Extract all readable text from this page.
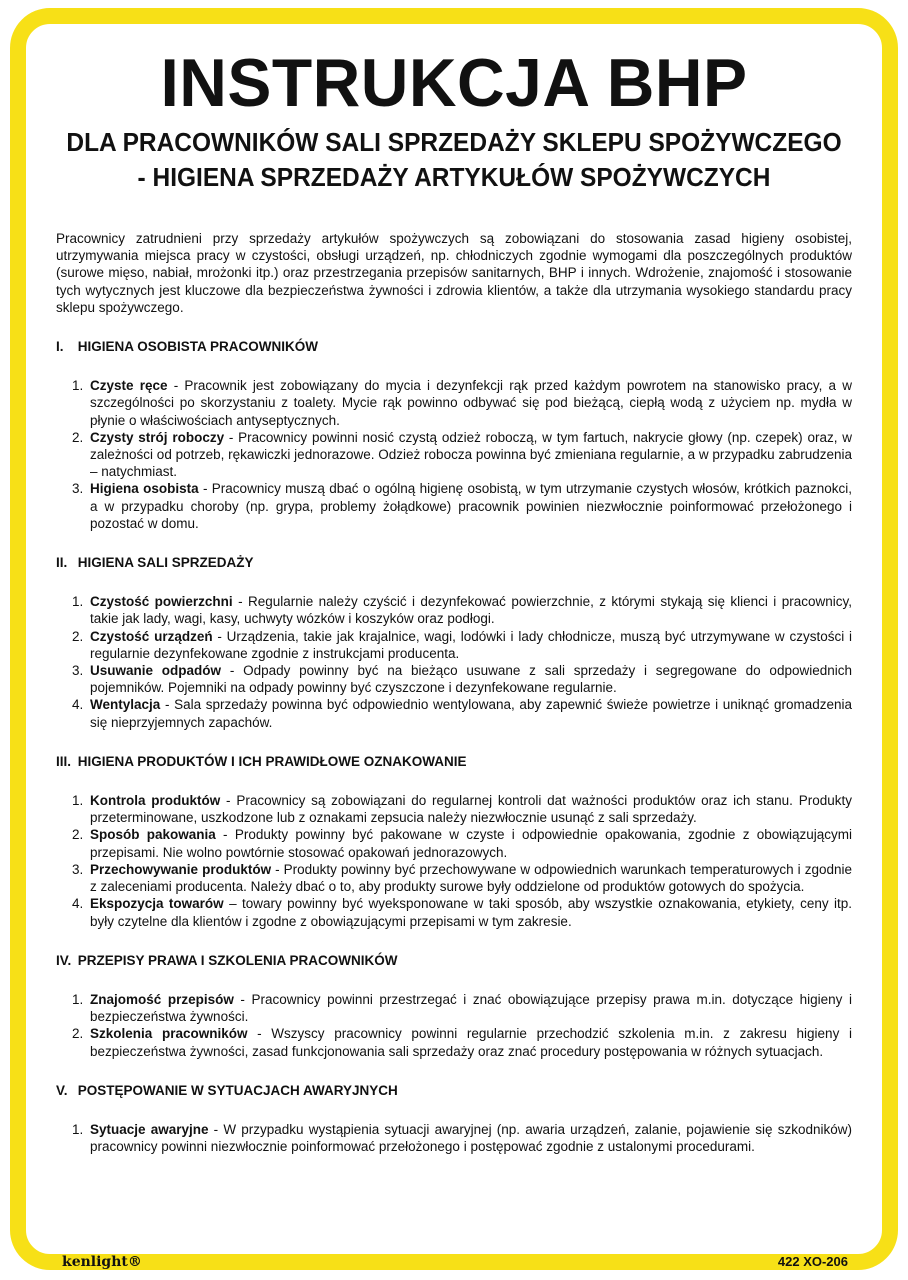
INSTRUKCJA BHP
DLA PRACOWNIKÓW SALI SPRZEDAŻY SKLEPU SPOŻYWCZEGO
- HIGIENA SPRZEDAŻY ARTYKUŁÓW SPOŻYWCZYCH

Pracownicy zatrudnieni przy sprzedaży artykułów spożywczych są zobowiązani do stosowania zasad higieny osobistej, utrzymywania miejsca pracy w czystości, obsługi urządzeń, np. chłodniczych zgodnie wymogami dla poszczególnych produktów (surowe mięso, nabiał, mrożonki itp.) oraz przestrzegania przepisów sanitarnych, BHP i innych. Wdrożenie, znajomość i stosowanie tych wytycznych jest kluczowe dla bezpieczeństwa żywności i zdrowia klientów, a także dla utrzymania wysokiego standardu pracy sklepu spożywczego.

I.
	HIGIENA OSOBISTA PRACOWNIKÓW
1. Czyste ręce - Pracownik jest zobowiązany do mycia i dezynfekcji rąk przed każdym powrotem na stanowisko pracy, a w szczególności po skorzystaniu z toalety. Mycie rąk powinno odbywać się pod bieżącą, ciepłą wodą z użyciem np. mydła w płynie o właściwościach antyseptycznych.
2. Czysty strój roboczy - Pracownicy powinni nosić czystą odzież roboczą, w tym fartuch, nakrycie głowy (np. czepek) oraz, w zależności od potrzeb, rękawiczki jednorazowe. Odzież robocza powinna być zmieniana regularnie, a w przypadku zabrudzenia – natychmiast.
3. Higiena osobista - Pracownicy muszą dbać o ogólną higienę osobistą, w tym utrzymanie czystych włosów, krótkich paznokci, a w przypadku choroby (np. grypa, problemy żołądkowe) pracownik powinien niezwłocznie poinformować przełożonego i pozostać w domu.
II.
HIGIENA SALI SPRZEDAŻY
1. Czystość powierzchni - Regularnie należy czyścić i dezynfekować powierzchnie, z którymi stykają się klienci i pracownicy, takie jak lady, wagi, kasy, uchwyty wózków i koszyków oraz podłogi.
2. Czystość urządzeń - Urządzenia, takie jak krajalnice, wagi, lodówki i lady chłodnicze, muszą być utrzymywane w czystości i regularnie dezynfekowane zgodnie z instrukcjami producenta.
3. Usuwanie odpadów - Odpady powinny być na bieżąco usuwane z sali sprzedaży i segregowane do odpowiednich pojemników. Pojemniki na odpady powinny być czyszczone i dezynfekowane regularnie.
4. Wentylacja - Sala sprzedaży powinna być odpowiednio wentylowana, aby zapewnić świeże powietrze i uniknąć gromadzenia się nieprzyjemnych zapachów.
III.
HIGIENA PRODUKTÓW I ICH PRAWIDŁOWE OZNAKOWANIE
1. Kontrola produktów - Pracownicy są zobowiązani do regularnej kontroli dat ważności produktów oraz ich stanu. Produkty przeterminowane, uszkodzone lub z oznakami zepsucia należy niezwłocznie usunąć z sali sprzedaży.
2. Sposób pakowania - Produkty powinny być pakowane w czyste i odpowiednie opakowania, zgodnie z obowiązującymi przepisami. Nie wolno powtórnie stosować opakowań jednorazowych.
3. Przechowywanie produktów - Produkty powinny być przechowywane w odpowiednich warunkach temperaturowych i zgodnie z zaleceniami producenta. Należy dbać o to, aby produkty surowe były oddzielone od produktów gotowych do spożycia.
4. Ekspozycja towarów – towary powinny być wyeksponowane w taki sposób, aby wszystkie oznakowania, etykiety, ceny itp. były czytelne dla klientów i zgodne z obowiązującymi przepisami w tym zakresie.
IV.
PRZEPISY PRAWA I SZKOLENIA PRACOWNIKÓW
1. Znajomość przepisów - Pracownicy powinni przestrzegać i znać obowiązujące przepisy prawa m.in. dotyczące higieny i bezpieczeństwa żywności.
2. Szkolenia pracowników - Wszyscy pracownicy powinni regularnie przechodzić szkolenia m.in. z zakresu higieny i bezpieczeństwa żywności, zasad funkcjonowania sali sprzedaży oraz znać procedury postępowania w różnych sytuacjach.
V.
POSTĘPOWANIE W SYTUACJACH AWARYJNYCH
1. Sytuacje awaryjne - W przypadku wystąpienia sytuacji awaryjnej (np. awaria urządzeń, zalanie, pojawienie się szkodników) pracownicy powinni niezwłocznie poinformować przełożonego i postępować zgodnie z ustalonymi procedurami.
kenlight®	422 XO-206
